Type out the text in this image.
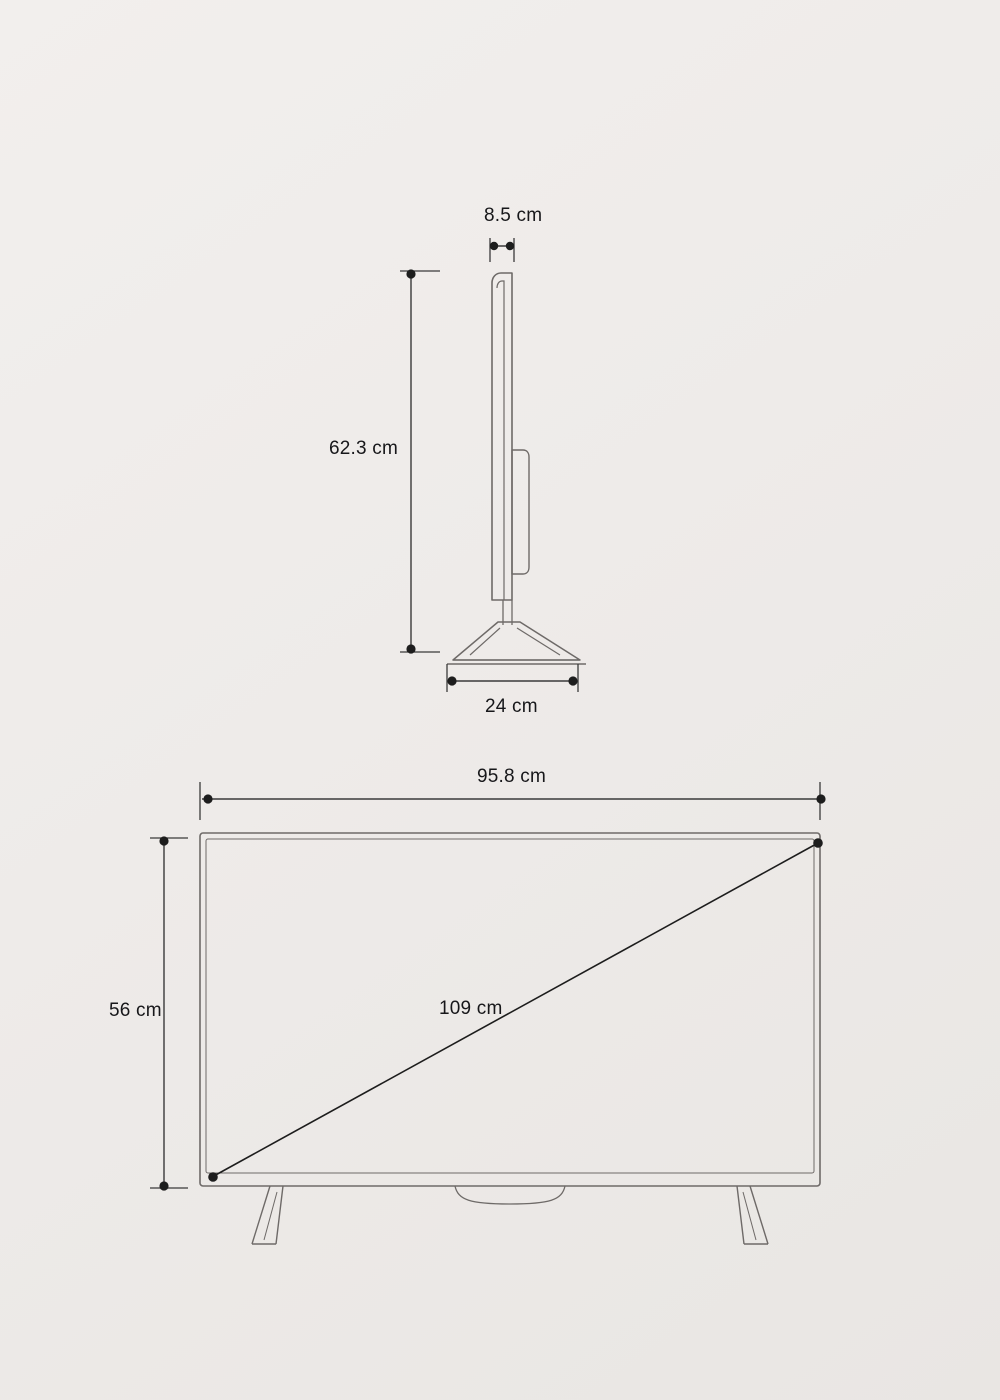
8.5 cm
62.3 cm
24 cm
95.8 cm
56 cm	109 cm
